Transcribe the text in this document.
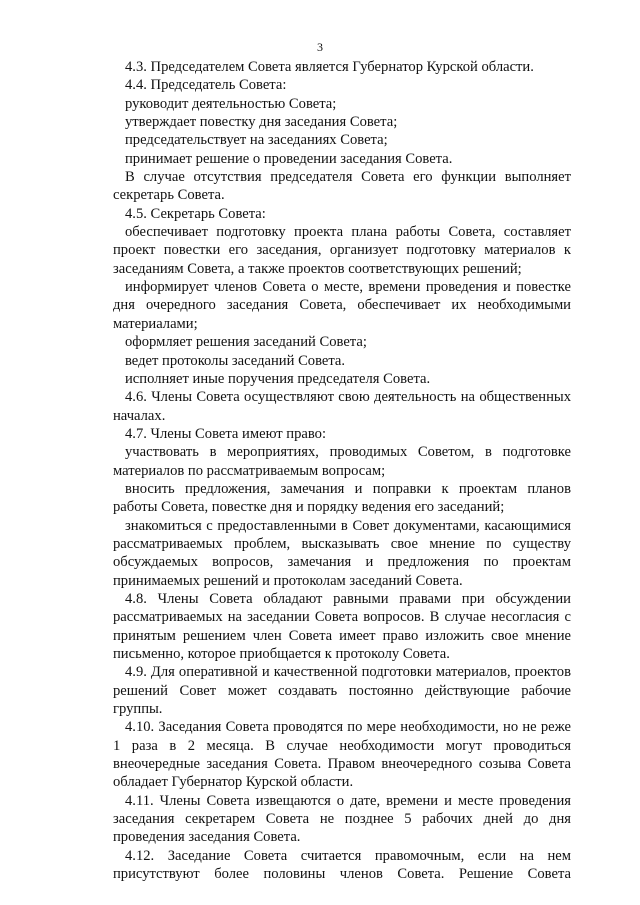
3

4.3. Председателем Совета является Губернатор Курской области.

4.4. Председатель Совета:

руководит деятельностью Совета;

утверждает повестку дня заседания Совета;

председательствует на заседаниях Совета;

принимает решение о проведении заседания Совета.

В случае отсутствия председателя Совета его функции выполняет секретарь Совета.

4.5. Секретарь Совета:

обеспечивает подготовку проекта плана работы Совета, составляет проект повестки его заседания, организует подготовку материалов к заседаниям Совета, а также проектов соответствующих решений;

информирует членов Совета о месте, времени проведения и повестке дня очередного заседания Совета, обеспечивает их необходимыми материалами;

оформляет решения заседаний Совета;

ведет протоколы заседаний Совета.

исполняет иные поручения председателя Совета.

4.6. Члены Совета осуществляют свою деятельность на общественных началах.

4.7. Члены Совета имеют право:

участвовать в мероприятиях, проводимых Советом, в подготовке материалов по рассматриваемым вопросам;

вносить предложения, замечания и поправки к проектам планов работы Совета, повестке дня и порядку ведения его заседаний;

знакомиться с предоставленными в Совет документами, касающимися рассматриваемых проблем, высказывать свое мнение по существу обсуждаемых вопросов, замечания и предложения по проектам принимаемых решений и протоколам заседаний Совета.

4.8. Члены Совета обладают равными правами при обсуждении рассматриваемых на заседании Совета вопросов. В случае несогласия с принятым решением член Совета имеет право изложить свое мнение письменно, которое приобщается к протоколу Совета.

4.9. Для оперативной и качественной подготовки материалов, проектов решений Совет может создавать постоянно действующие рабочие группы.

4.10. Заседания Совета проводятся по мере необходимости, но не реже 1 раза в 2 месяца. В случае необходимости могут проводиться внеочередные заседания Совета. Правом внеочередного созыва Совета обладает Губернатор Курской области.

4.11. Члены Совета извещаются о дате, времени и месте проведения заседания секретарем Совета не позднее 5 рабочих дней до дня проведения заседания Совета.

4.12. Заседание Совета считается правомочным, если на нем присутствуют более половины членов Совета. Решение Совета
